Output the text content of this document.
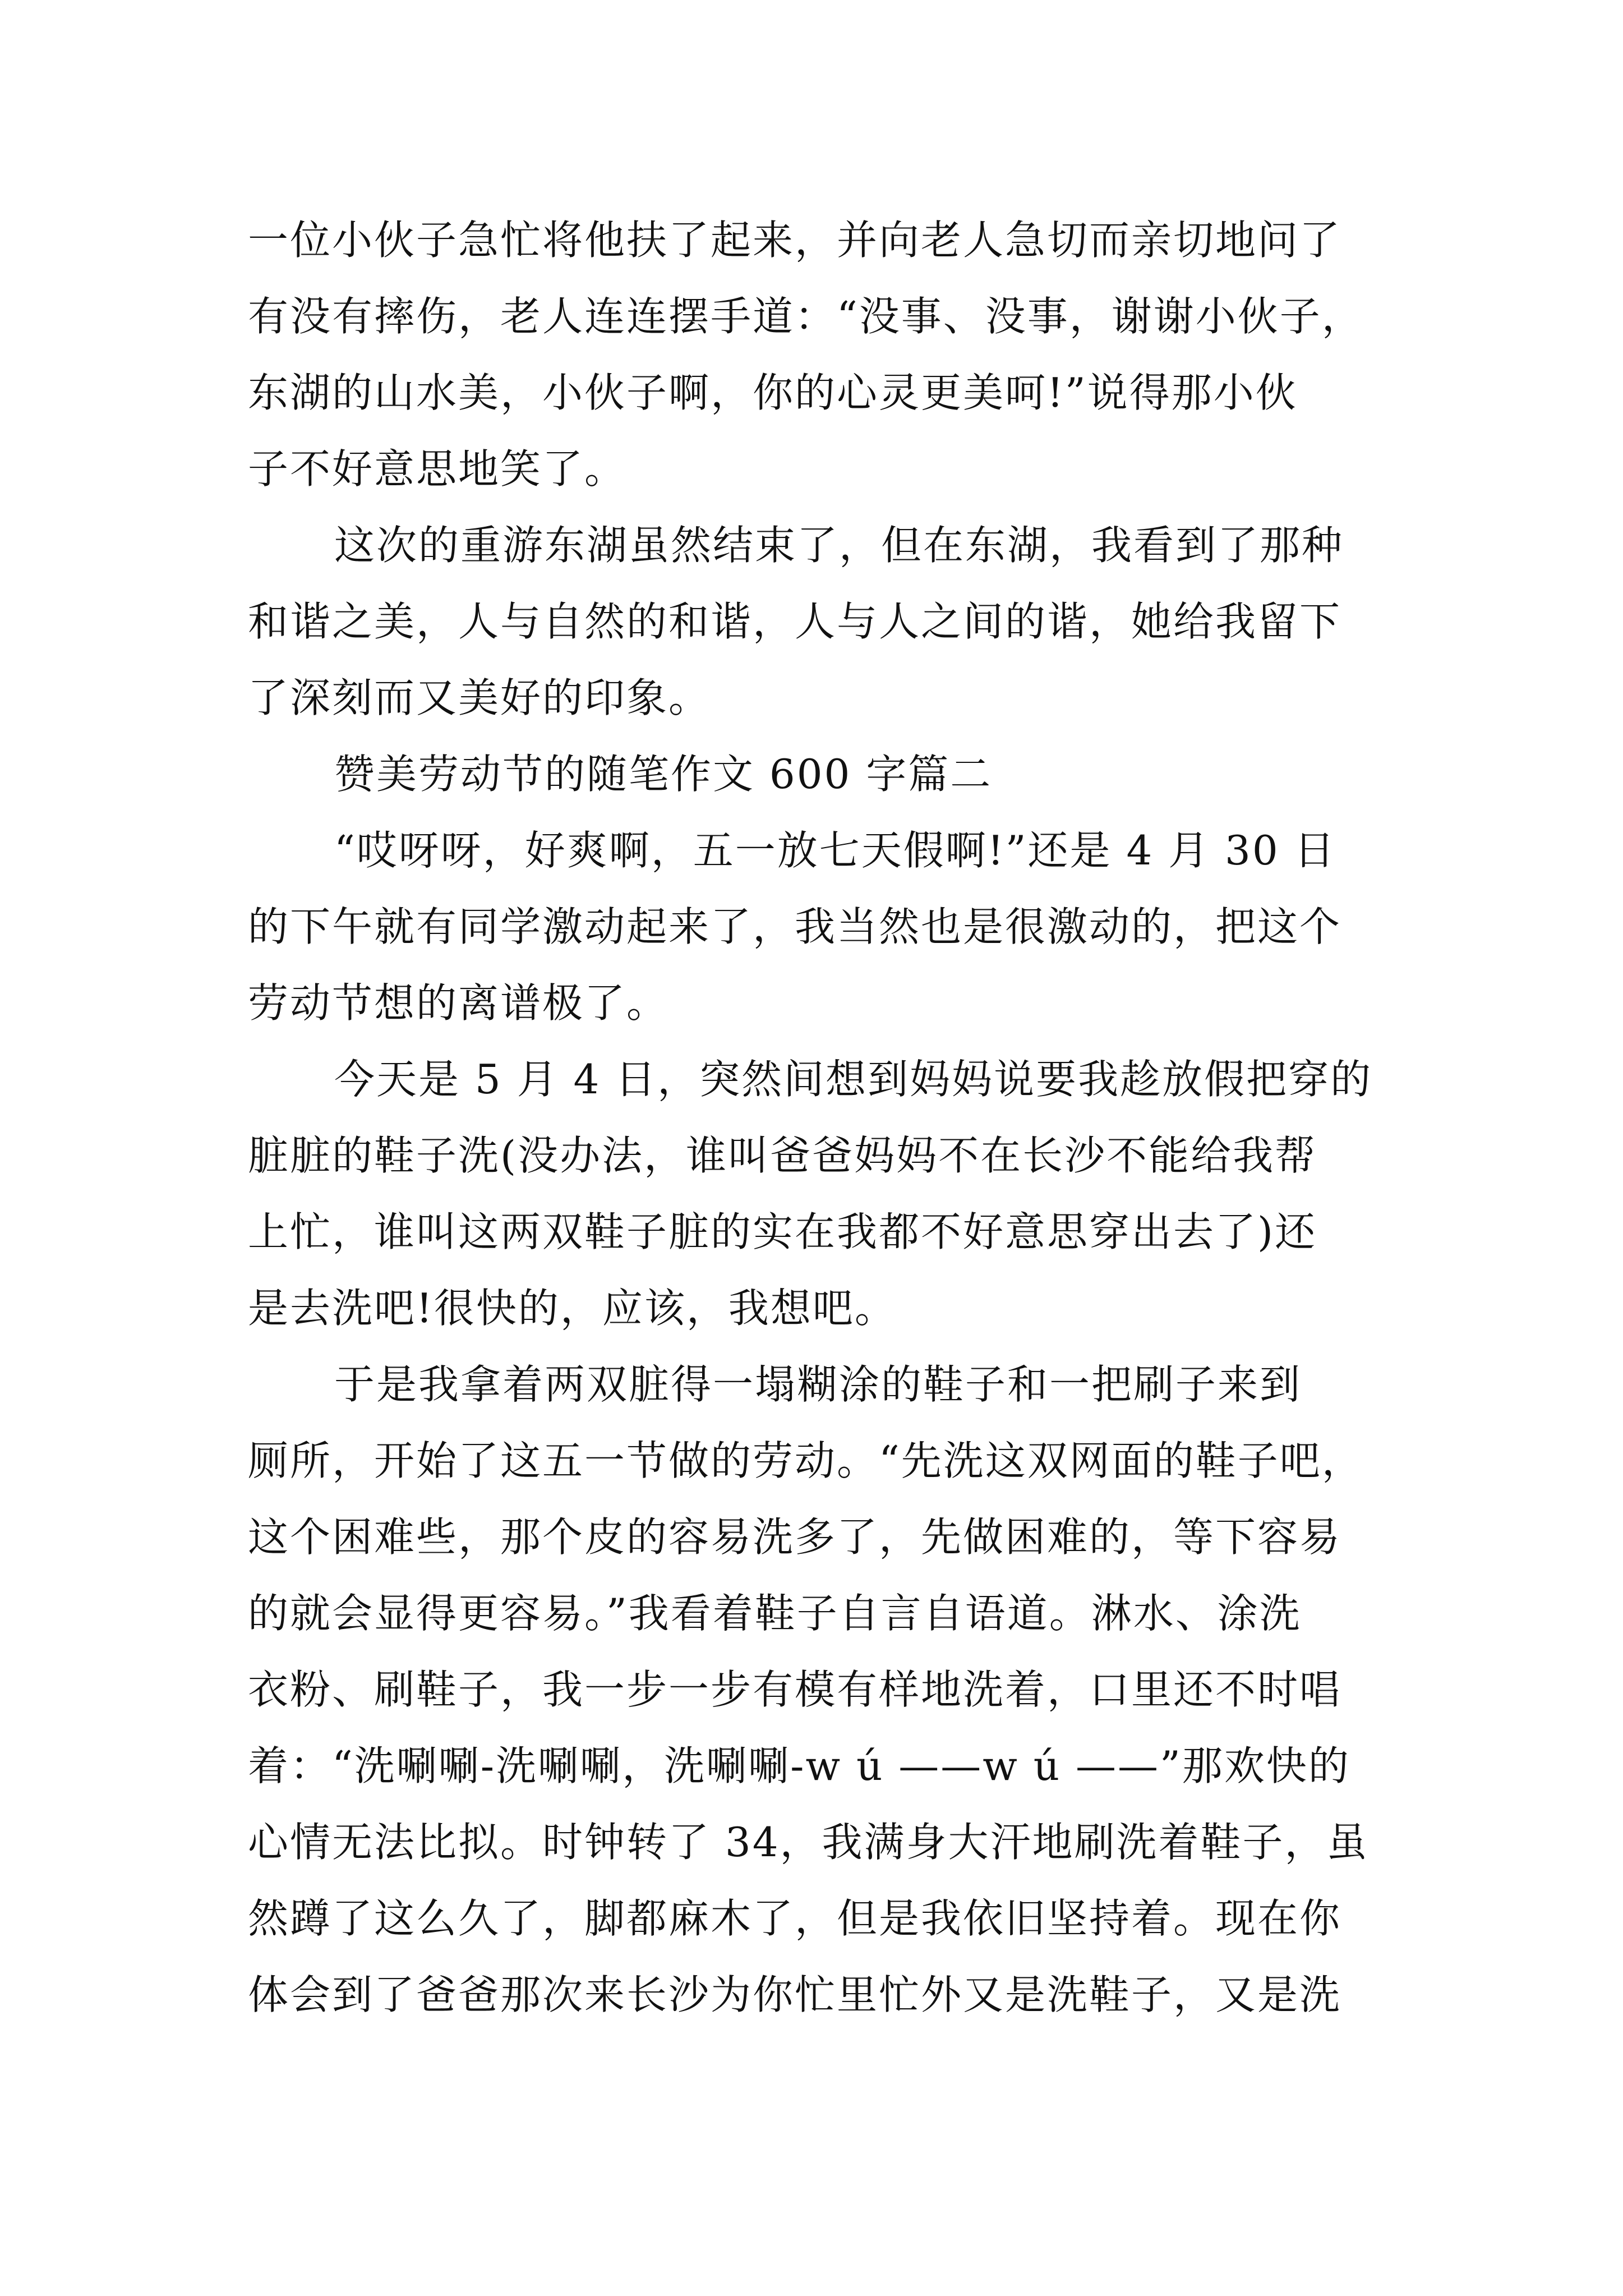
一位小伙子急忙将他扶了起来，并向老人急切而亲切地问了
有没有摔伤，老人连连摆手道：“没事、没事，谢谢小伙子，
东湖的山水美，小伙子啊，你的心灵更美呵!”说得那小伙
子不好意思地笑了。
这次的重游东湖虽然结束了，但在东湖，我看到了那种
和谐之美，人与自然的和谐，人与人之间的谐，她给我留下
了深刻而又美好的印象。
赞美劳动节的随笔作文 600 字篇二
“哎呀呀，好爽啊，五一放七天假啊!”还是 4 月 30 日
的下午就有同学激动起来了，我当然也是很激动的，把这个
劳动节想的离谱极了。
今天是 5 月 4 日，突然间想到妈妈说要我趁放假把穿的
脏脏的鞋子洗(没办法，谁叫爸爸妈妈不在长沙不能给我帮
上忙，谁叫这两双鞋子脏的实在我都不好意思穿出去了)还
是去洗吧!很快的，应该，我想吧。
于是我拿着两双脏得一塌糊涂的鞋子和一把刷子来到
厕所，开始了这五一节做的劳动。“先洗这双网面的鞋子吧，
这个困难些，那个皮的容易洗多了，先做困难的，等下容易
的就会显得更容易。”我看着鞋子自言自语道。淋水、涂洗
衣粉、刷鞋子，我一步一步有模有样地洗着，口里还不时唱
着：“洗唰唰-洗唰唰，洗唰唰-w ú ——w ú ——”那欢快的
心情无法比拟。时钟转了 34，我满身大汗地刷洗着鞋子，虽
然蹲了这么久了，脚都麻木了，但是我依旧坚持着。现在你
体会到了爸爸那次来长沙为你忙里忙外又是洗鞋子，又是洗
